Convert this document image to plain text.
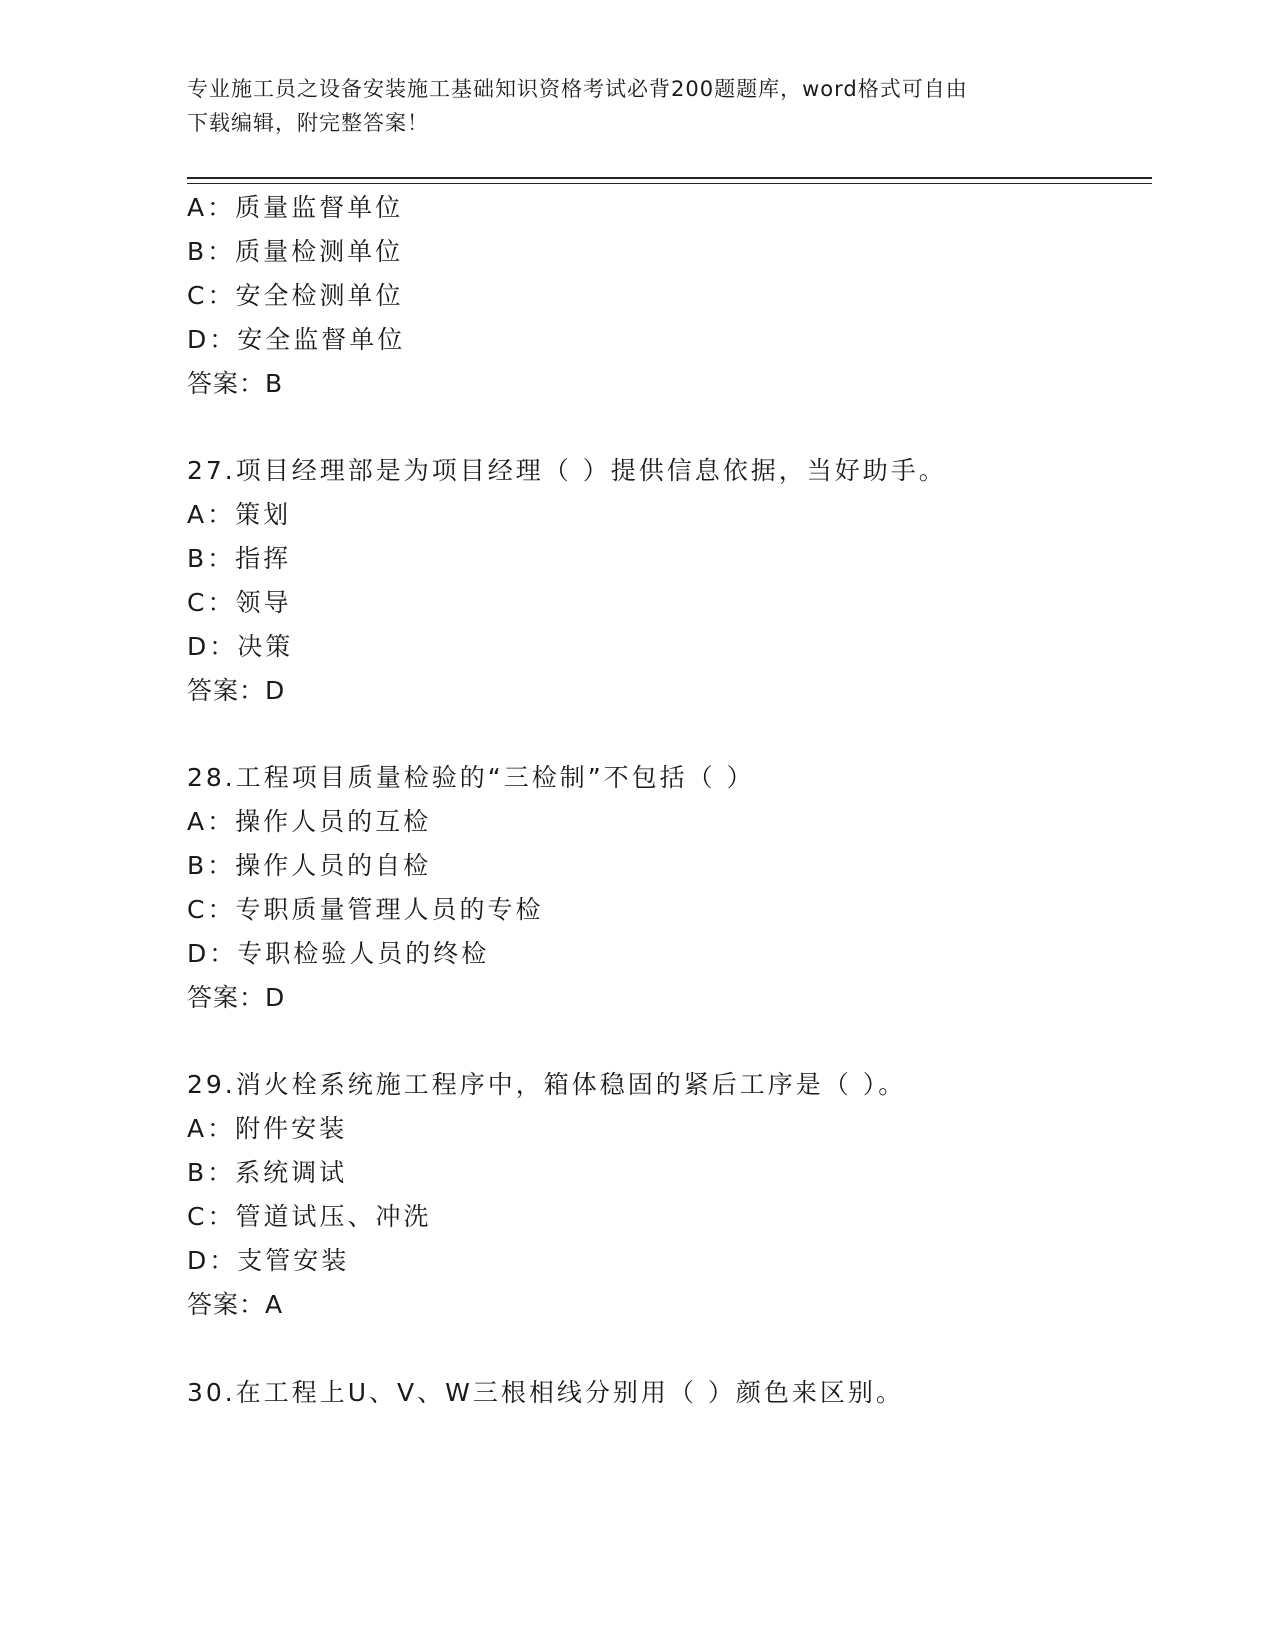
专业施工员之设备安装施工基础知识资格考试必背200题题库，word格式可自由
下载编辑，附完整答案！
A：质量监督单位
B：质量检测单位
C：安全检测单位
D：安全监督单位
答案：B
27.项目经理部是为项目经理（ ）提供信息依据，当好助手。
A：策划
B：指挥
C：领导
D：决策
答案：D
28.工程项目质量检验的“三检制”不包括（ ）
A：操作人员的互检
B：操作人员的自检
C：专职质量管理人员的专检
D：专职检验人员的终检
答案：D
29.消火栓系统施工程序中，箱体稳固的紧后工序是（ ）。
A：附件安装
B：系统调试
C：管道试压、冲洗
D：支管安装
答案：A
30.在工程上U、V、W三根相线分别用（ ）颜色来区别。
